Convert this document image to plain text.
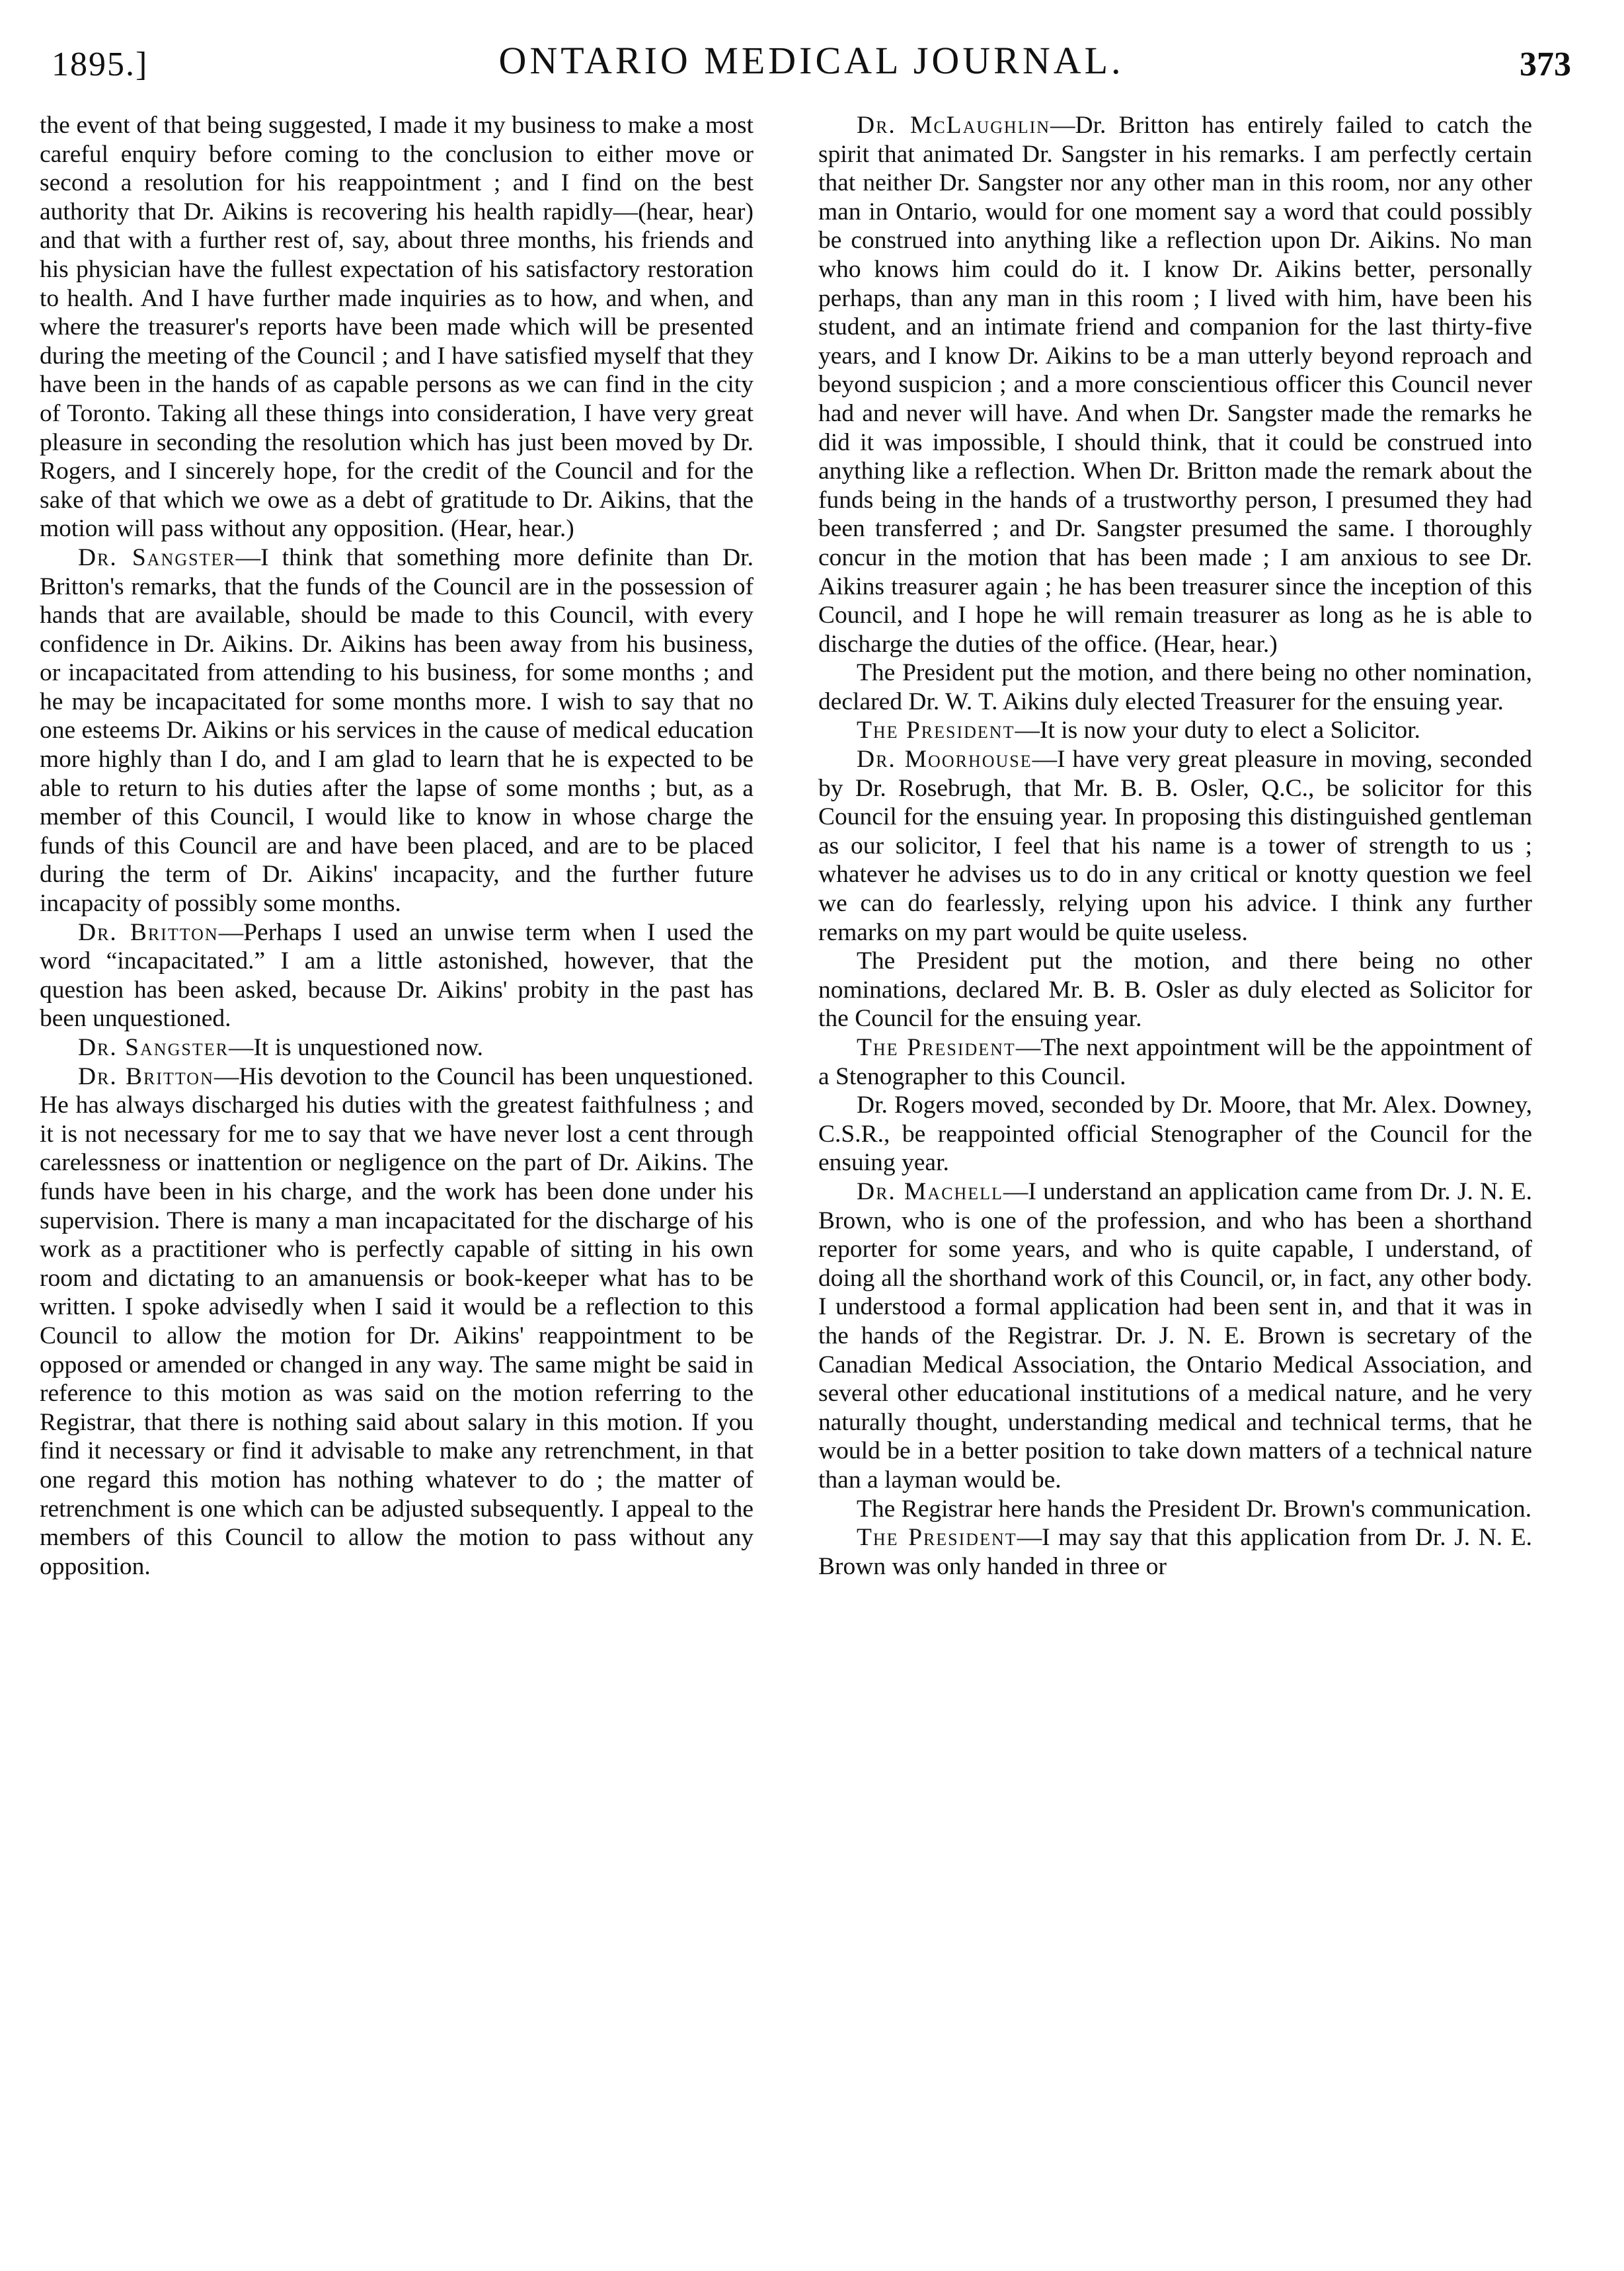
1895.]	ONTARIO MEDICAL JOURNAL.	373

the event of that being suggested, I made it my business to make a most careful enquiry before coming to the conclusion to either move or second a resolution for his reappointment ; and I find on the best authority that Dr. Aikins is recovering his health rapidly—(hear, hear) and that with a further rest of, say, about three months, his friends and his physician have the fullest expectation of his satisfactory restoration to health. And I have further made inquiries as to how, and when, and where the treasurer's reports have been made which will be presented during the meeting of the Council ; and I have satisfied myself that they have been in the hands of as capable persons as we can find in the city of Toronto. Taking all these things into consideration, I have very great pleasure in seconding the resolution which has just been moved by Dr. Rogers, and I sincerely hope, for the credit of the Council and for the sake of that which we owe as a debt of gratitude to Dr. Aikins, that the motion will pass without any opposition. (Hear, hear.)

Dr. Sangster—I think that something more definite than Dr. Britton's remarks, that the funds of the Council are in the possession of hands that are available, should be made to this Council, with every confidence in Dr. Aikins. Dr. Aikins has been away from his business, or incapacitated from attending to his business, for some months ; and he may be incapacitated for some months more. I wish to say that no one esteems Dr. Aikins or his services in the cause of medical education more highly than I do, and I am glad to learn that he is expected to be able to return to his duties after the lapse of some months ; but, as a member of this Council, I would like to know in whose charge the funds of this Council are and have been placed, and are to be placed during the term of Dr. Aikins' incapacity, and the further future incapacity of possibly some months.

Dr. Britton—Perhaps I used an unwise term when I used the word “incapacitated.” I am a little astonished, however, that the question has been asked, because Dr. Aikins' probity in the past has been unquestioned.

Dr. Sangster—It is unquestioned now.

Dr. Britton—His devotion to the Council has been unquestioned. He has always discharged his duties with the greatest faithfulness ; and it is not necessary for me to say that we have never lost a cent through carelessness or inattention or negligence on the part of Dr. Aikins. The funds have been in his charge, and the work has been done under his supervision. There is many a man incapacitated for the discharge of his work as a practitioner who is perfectly capable of sitting in his own room and dictating to an amanuensis or book-keeper what has to be written. I spoke advisedly when I said it would be a reflection to this Council to allow the motion for Dr. Aikins' reappointment to be opposed or amended or changed in any way. The same might be said in reference to this motion as was said on the motion referring to the Registrar, that there is nothing said about salary in this motion. If you find it necessary or find it advisable to make any retrenchment, in that one regard this motion has nothing whatever to do ; the matter of retrenchment is one which can be adjusted subsequently. I appeal to the members of this Council to allow the motion to pass without any opposition.

Dr. McLaughlin—Dr. Britton has entirely failed to catch the spirit that animated Dr. Sangster in his remarks. I am perfectly certain that neither Dr. Sangster nor any other man in this room, nor any other man in Ontario, would for one moment say a word that could possibly be construed into anything like a reflection upon Dr. Aikins. No man who knows him could do it. I know Dr. Aikins better, personally perhaps, than any man in this room ; I lived with him, have been his student, and an intimate friend and companion for the last thirty-five years, and I know Dr. Aikins to be a man utterly beyond reproach and beyond suspicion ; and a more conscientious officer this Council never had and never will have. And when Dr. Sangster made the remarks he did it was impossible, I should think, that it could be construed into anything like a reflection. When Dr. Britton made the remark about the funds being in the hands of a trustworthy person, I presumed they had been transferred ; and Dr. Sangster presumed the same. I thoroughly concur in the motion that has been made ; I am anxious to see Dr. Aikins treasurer again ; he has been treasurer since the inception of this Council, and I hope he will remain treasurer as long as he is able to discharge the duties of the office. (Hear, hear.)

The President put the motion, and there being no other nomination, declared Dr. W. T. Aikins duly elected Treasurer for the ensuing year.

The President—It is now your duty to elect a Solicitor.

Dr. Moorhouse—I have very great pleasure in moving, seconded by Dr. Rosebrugh, that Mr. B. B. Osler, Q.C., be solicitor for this Council for the ensuing year. In proposing this distinguished gentleman as our solicitor, I feel that his name is a tower of strength to us ; whatever he advises us to do in any critical or knotty question we feel we can do fearlessly, relying upon his advice. I think any further remarks on my part would be quite useless.

The President put the motion, and there being no other nominations, declared Mr. B. B. Osler as duly elected as Solicitor for the Council for the ensuing year.

The President—The next appointment will be the appointment of a Stenographer to this Council.

Dr. Rogers moved, seconded by Dr. Moore, that Mr. Alex. Downey, C.S.R., be reappointed official Stenographer of the Council for the ensuing year.

Dr. Machell—I understand an application came from Dr. J. N. E. Brown, who is one of the profession, and who has been a shorthand reporter for some years, and who is quite capable, I understand, of doing all the shorthand work of this Council, or, in fact, any other body. I understood a formal application had been sent in, and that it was in the hands of the Registrar. Dr. J. N. E. Brown is secretary of the Canadian Medical Association, the Ontario Medical Association, and several other educational institutions of a medical nature, and he very naturally thought, understanding medical and technical terms, that he would be in a better position to take down matters of a technical nature than a layman would be.

The Registrar here hands the President Dr. Brown's communication.

The President—I may say that this application from Dr. J. N. E. Brown was only handed in three or
